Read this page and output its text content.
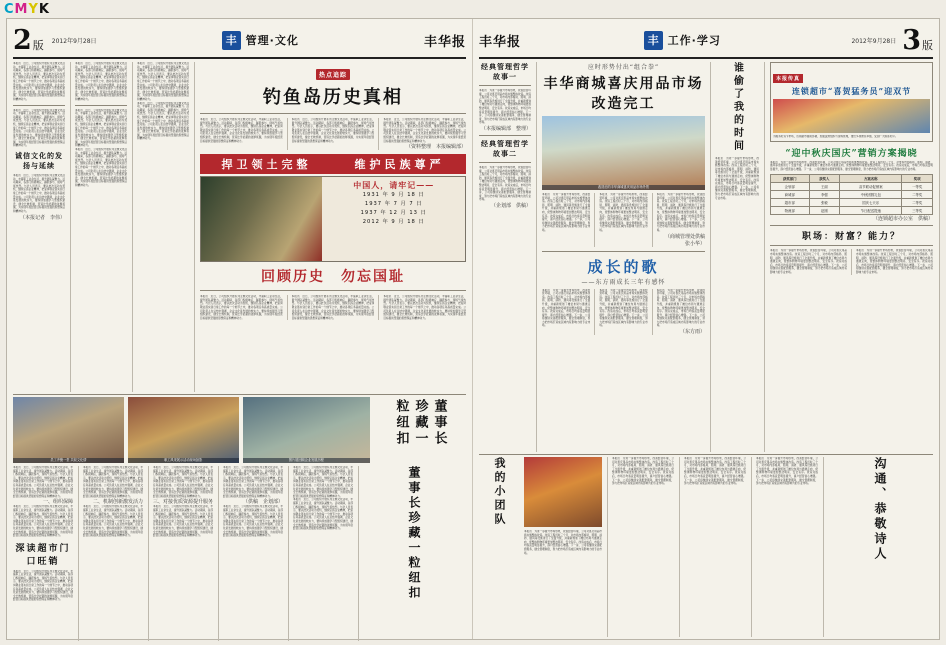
CMYK
2 版 2012年9月28日	丰 管理·文化	丰华报
本报讯　近日，公司组织开展系列主题文化活动，丰富职工业余生活，提升团队凝聚力。活动期间，各部门积极响应，踊跃参与，现场气氛热烈。与会人员表示，要以此次活动为契机，继续弘扬企业精神，把爱岗敬业落实到日常工作的每一个细节之中，推动各项任务高质量完成。公司负责人在总结中强调，企业文化是发展的软实力，要持续加强学习型组织建设，健全长效机制，营造比学赶超的浓厚氛围，为实现年度经营目标提供坚强的思想保证和精神动力。
本报讯　近日，公司组织开展系列主题文化活动，丰富职工业余生活，提升团队凝聚力。活动期间，各部门积极响应，踊跃参与，现场气氛热烈。与会人员表示，要以此次活动为契机，继续弘扬企业精神，把爱岗敬业落实到日常工作的每一个细节之中，推动各项任务高质量完成。公司负责人在总结中强调，企业文化是发展的软实力，要持续加强学习型组织建设，健全长效机制，营造比学赶超的浓厚氛围，为实现年度经营目标提供坚强的思想保证和精神动力。
诚信文化的发扬与延续
本报讯　近日，公司组织开展系列主题文化活动，丰富职工业余生活，提升团队凝聚力。活动期间，各部门积极响应，踊跃参与，现场气氛热烈。与会人员表示，要以此次活动为契机，继续弘扬企业精神，把爱岗敬业落实到日常工作的每一个细节之中，推动各项任务高质量完成。公司负责人在总结中强调，企业文化是发展的软实力，要持续加强学习型组织建设，健全长效机制，营造比学赶超的浓厚氛围，为实现年度经营目标提供坚强的思想保证和精神动力。
（本报记者　李伟）
本报讯　近日，公司组织开展系列主题文化活动，丰富职工业余生活，提升团队凝聚力。活动期间，各部门积极响应，踊跃参与，现场气氛热烈。与会人员表示，要以此次活动为契机，继续弘扬企业精神，把爱岗敬业落实到日常工作的每一个细节之中，推动各项任务高质量完成。公司负责人在总结中强调，企业文化是发展的软实力，要持续加强学习型组织建设，健全长效机制，营造比学赶超的浓厚氛围，为实现年度经营目标提供坚强的思想保证和精神动力。
本报讯　近日，公司组织开展系列主题文化活动，丰富职工业余生活，提升团队凝聚力。活动期间，各部门积极响应，踊跃参与，现场气氛热烈。与会人员表示，要以此次活动为契机，继续弘扬企业精神，把爱岗敬业落实到日常工作的每一个细节之中，推动各项任务高质量完成。公司负责人在总结中强调，企业文化是发展的软实力，要持续加强学习型组织建设，健全长效机制，营造比学赶超的浓厚氛围，为实现年度经营目标提供坚强的思想保证和精神动力。
本报讯　近日，公司组织开展系列主题文化活动，丰富职工业余生活，提升团队凝聚力。活动期间，各部门积极响应，踊跃参与，现场气氛热烈。与会人员表示，要以此次活动为契机，继续弘扬企业精神，把爱岗敬业落实到日常工作的每一个细节之中，推动各项任务高质量完成。公司负责人在总结中强调，企业文化是发展的软实力，要持续加强学习型组织建设，健全长效机制，营造比学赶超的浓厚氛围，为实现年度经营目标提供坚强的思想保证和精神动力。
本报讯　近日，公司组织开展系列主题文化活动，丰富职工业余生活，提升团队凝聚力。活动期间，各部门积极响应，踊跃参与，现场气氛热烈。与会人员表示，要以此次活动为契机，继续弘扬企业精神，把爱岗敬业落实到日常工作的每一个细节之中，推动各项任务高质量完成。公司负责人在总结中强调，企业文化是发展的软实力，要持续加强学习型组织建设，健全长效机制，营造比学赶超的浓厚氛围，为实现年度经营目标提供坚强的思想保证和精神动力。
本报讯　近日，公司组织开展系列主题文化活动，丰富职工业余生活，提升团队凝聚力。活动期间，各部门积极响应，踊跃参与，现场气氛热烈。与会人员表示，要以此次活动为契机，继续弘扬企业精神，把爱岗敬业落实到日常工作的每一个细节之中，推动各项任务高质量完成。公司负责人在总结中强调，企业文化是发展的软实力，要持续加强学习型组织建设，健全长效机制，营造比学赶超的浓厚氛围，为实现年度经营目标提供坚强的思想保证和精神动力。
热点追踪
钓鱼岛历史真相
本报讯　近日，公司组织开展系列主题文化活动，丰富职工业余生活，提升团队凝聚力。活动期间，各部门积极响应，踊跃参与，现场气氛热烈。与会人员表示，要以此次活动为契机，继续弘扬企业精神，把爱岗敬业落实到日常工作的每一个细节之中，推动各项任务高质量完成。公司负责人在总结中强调，企业文化是发展的软实力，要持续加强学习型组织建设，健全长效机制，营造比学赶超的浓厚氛围，为实现年度经营目标提供坚强的思想保证和精神动力。
本报讯　近日，公司组织开展系列主题文化活动，丰富职工业余生活，提升团队凝聚力。活动期间，各部门积极响应，踊跃参与，现场气氛热烈。与会人员表示，要以此次活动为契机，继续弘扬企业精神，把爱岗敬业落实到日常工作的每一个细节之中，推动各项任务高质量完成。公司负责人在总结中强调，企业文化是发展的软实力，要持续加强学习型组织建设，健全长效机制，营造比学赶超的浓厚氛围，为实现年度经营目标提供坚强的思想保证和精神动力。
本报讯　近日，公司组织开展系列主题文化活动，丰富职工业余生活，提升团队凝聚力。活动期间，各部门积极响应，踊跃参与，现场气氛热烈。与会人员表示，要以此次活动为契机，继续弘扬企业精神，把爱岗敬业落实到日常工作的每一个细节之中，推动各项任务高质量完成。公司负责人在总结中强调，企业文化是发展的软实力，要持续加强学习型组织建设，健全长效机制，营造比学赶超的浓厚氛围，为实现年度经营目标提供坚强的思想保证和精神动力。
（资料整理　本报编辑部）
捍卫领土完整	维护民族尊严
中国人，请牢记——
1931 年 9 月 18 日
1937 年 7 月 7 日
1937 年 12 月 13 日
2012 年 9 月 18 日
回顾历史　勿忘国耻
本报讯　近日，公司组织开展系列主题文化活动，丰富职工业余生活，提升团队凝聚力。活动期间，各部门积极响应，踊跃参与，现场气氛热烈。与会人员表示，要以此次活动为契机，继续弘扬企业精神，把爱岗敬业落实到日常工作的每一个细节之中，推动各项任务高质量完成。公司负责人在总结中强调，企业文化是发展的软实力，要持续加强学习型组织建设，健全长效机制，营造比学赶超的浓厚氛围，为实现年度经营目标提供坚强的思想保证和精神动力。
本报讯　近日，公司组织开展系列主题文化活动，丰富职工业余生活，提升团队凝聚力。活动期间，各部门积极响应，踊跃参与，现场气氛热烈。与会人员表示，要以此次活动为契机，继续弘扬企业精神，把爱岗敬业落实到日常工作的每一个细节之中，推动各项任务高质量完成。公司负责人在总结中强调，企业文化是发展的软实力，要持续加强学习型组织建设，健全长效机制，营造比学赶超的浓厚氛围，为实现年度经营目标提供坚强的思想保证和精神动力。
本报讯　近日，公司组织开展系列主题文化活动，丰富职工业余生活，提升团队凝聚力。活动期间，各部门积极响应，踊跃参与，现场气氛热烈。与会人员表示，要以此次活动为契机，继续弘扬企业精神，把爱岗敬业落实到日常工作的每一个细节之中，推动各项任务高质量完成。公司负责人在总结中强调，企业文化是发展的软实力，要持续加强学习型组织建设，健全长效机制，营造比学赶超的浓厚氛围，为实现年度经营目标提供坚强的思想保证和精神动力。
员工齐聚一堂 共叙文化情	职工风采展示活动现场掠影	图片展回顾企业发展历程
董事长珍藏一粒纽扣
本报讯　近日，公司组织开展系列主题文化活动，丰富职工业余生活，提升团队凝聚力。活动期间，各部门积极响应，踊跃参与，现场气氛热烈。与会人员表示，要以此次活动为契机，继续弘扬企业精神，把爱岗敬业落实到日常工作的每一个细节之中，推动各项任务高质量完成。公司负责人在总结中强调，企业文化是发展的软实力，要持续加强学习型组织建设，健全长效机制，营造比学赶超的浓厚氛围，为实现年度经营目标提供坚强的思想保证和精神动力。
一、组织保障
本报讯　近日，公司组织开展系列主题文化活动，丰富职工业余生活，提升团队凝聚力。活动期间，各部门积极响应，踊跃参与，现场气氛热烈。与会人员表示，要以此次活动为契机，继续弘扬企业精神，把爱岗敬业落实到日常工作的每一个细节之中，推动各项任务高质量完成。公司负责人在总结中强调，企业文化是发展的软实力，要持续加强学习型组织建设，健全长效机制，营造比学赶超的浓厚氛围，为实现年度经营目标提供坚强的思想保证和精神动力。
深读超市门口旺销
本报讯　近日，公司组织开展系列主题文化活动，丰富职工业余生活，提升团队凝聚力。活动期间，各部门积极响应，踊跃参与，现场气氛热烈。与会人员表示，要以此次活动为契机，继续弘扬企业精神，把爱岗敬业落实到日常工作的每一个细节之中，推动各项任务高质量完成。公司负责人在总结中强调，企业文化是发展的软实力，要持续加强学习型组织建设，健全长效机制，营造比学赶超的浓厚氛围，为实现年度经营目标提供坚强的思想保证和精神动力。
本报讯　近日，公司组织开展系列主题文化活动，丰富职工业余生活，提升团队凝聚力。活动期间，各部门积极响应，踊跃参与，现场气氛热烈。与会人员表示，要以此次活动为契机，继续弘扬企业精神，把爱岗敬业落实到日常工作的每一个细节之中，推动各项任务高质量完成。公司负责人在总结中强调，企业文化是发展的软实力，要持续加强学习型组织建设，健全长效机制，营造比学赶超的浓厚氛围，为实现年度经营目标提供坚强的思想保证和精神动力。
二、机制创新激发活力
本报讯　近日，公司组织开展系列主题文化活动，丰富职工业余生活，提升团队凝聚力。活动期间，各部门积极响应，踊跃参与，现场气氛热烈。与会人员表示，要以此次活动为契机，继续弘扬企业精神，把爱岗敬业落实到日常工作的每一个细节之中，推动各项任务高质量完成。公司负责人在总结中强调，企业文化是发展的软实力，要持续加强学习型组织建设，健全长效机制，营造比学赶超的浓厚氛围，为实现年度经营目标提供坚强的思想保证和精神动力。
本报讯　近日，公司组织开展系列主题文化活动，丰富职工业余生活，提升团队凝聚力。活动期间，各部门积极响应，踊跃参与，现场气氛热烈。与会人员表示，要以此次活动为契机，继续弘扬企业精神，把爱岗敬业落实到日常工作的每一个细节之中，推动各项任务高质量完成。公司负责人在总结中强调，企业文化是发展的软实力，要持续加强学习型组织建设，健全长效机制，营造比学赶超的浓厚氛围，为实现年度经营目标提供坚强的思想保证和精神动力。
三、对接优质资源提升服务
本报讯　近日，公司组织开展系列主题文化活动，丰富职工业余生活，提升团队凝聚力。活动期间，各部门积极响应，踊跃参与，现场气氛热烈。与会人员表示，要以此次活动为契机，继续弘扬企业精神，把爱岗敬业落实到日常工作的每一个细节之中，推动各项任务高质量完成。公司负责人在总结中强调，企业文化是发展的软实力，要持续加强学习型组织建设，健全长效机制，营造比学赶超的浓厚氛围，为实现年度经营目标提供坚强的思想保证和精神动力。
本报讯　近日，公司组织开展系列主题文化活动，丰富职工业余生活，提升团队凝聚力。活动期间，各部门积极响应，踊跃参与，现场气氛热烈。与会人员表示，要以此次活动为契机，继续弘扬企业精神，把爱岗敬业落实到日常工作的每一个细节之中，推动各项任务高质量完成。公司负责人在总结中强调，企业文化是发展的软实力，要持续加强学习型组织建设，健全长效机制，营造比学赶超的浓厚氛围，为实现年度经营目标提供坚强的思想保证和精神动力。
（供稿　企划部）
本报讯　近日，公司组织开展系列主题文化活动，丰富职工业余生活，提升团队凝聚力。活动期间，各部门积极响应，踊跃参与，现场气氛热烈。与会人员表示，要以此次活动为契机，继续弘扬企业精神，把爱岗敬业落实到日常工作的每一个细节之中，推动各项任务高质量完成。公司负责人在总结中强调，企业文化是发展的软实力，要持续加强学习型组织建设，健全长效机制，营造比学赶超的浓厚氛围，为实现年度经营目标提供坚强的思想保证和精神动力。
本报讯　近日，公司组织开展系列主题文化活动，丰富职工业余生活，提升团队凝聚力。活动期间，各部门积极响应，踊跃参与，现场气氛热烈。与会人员表示，要以此次活动为契机，继续弘扬企业精神，把爱岗敬业落实到日常工作的每一个细节之中，推动各项任务高质量完成。公司负责人在总结中强调，企业文化是发展的软实力，要持续加强学习型组织建设，健全长效机制，营造比学赶超的浓厚氛围，为实现年度经营目标提供坚强的思想保证和精神动力。
本报讯　近日，公司组织开展系列主题文化活动，丰富职工业余生活，提升团队凝聚力。活动期间，各部门积极响应，踊跃参与，现场气氛热烈。与会人员表示，要以此次活动为契机，继续弘扬企业精神，把爱岗敬业落实到日常工作的每一个细节之中，推动各项任务高质量完成。公司负责人在总结中强调，企业文化是发展的软实力，要持续加强学习型组织建设，健全长效机制，营造比学赶超的浓厚氛围，为实现年度经营目标提供坚强的思想保证和精神动力。	董事长珍藏一粒纽扣
丰华报	丰 工作·学习	2012年9月28日 3 版
经典管理哲学故事一
本报讯　为进一步提升市场形象，改善经营环境，公司对喜庆用品市场实施整体改造。改造工程历时三个月，对市场内部格局、照明、消防、通风等设施进行了全面升级，并重新规划了摊位布局与通道走向，使整体购物环境更加整洁明亮、安全有序。改造完成后，市场日均客流量明显提升，商户经营信心增强。下一步，公司将继续完善配套服务，健全管理制度，努力把市场打造成区域内有影响力的专业市场。
（本报编辑部　整理）
经典管理哲学故事二
本报讯　为进一步提升市场形象，改善经营环境，公司对喜庆用品市场实施整体改造。改造工程历时三个月，对市场内部格局、照明、消防、通风等设施进行了全面升级，并重新规划了摊位布局与通道走向，使整体购物环境更加整洁明亮、安全有序。改造完成后，市场日均客流量明显提升，商户经营信心增强。下一步，公司将继续完善配套服务，健全管理制度，努力把市场打造成区域内有影响力的专业市场。
（企划部　供稿）
应时形势付出“组合拳”
丰华商城喜庆用品市场改造完工
改造后的丰华商城喜庆用品市场外景
本报讯　为进一步提升市场形象，改善经营环境，公司对喜庆用品市场实施整体改造。改造工程历时三个月，对市场内部格局、照明、消防、通风等设施进行了全面升级，并重新规划了摊位布局与通道走向，使整体购物环境更加整洁明亮、安全有序。改造完成后，市场日均客流量明显提升，商户经营信心增强。下一步，公司将继续完善配套服务，健全管理制度，努力把市场打造成区域内有影响力的专业市场。
本报讯　为进一步提升市场形象，改善经营环境，公司对喜庆用品市场实施整体改造。改造工程历时三个月，对市场内部格局、照明、消防、通风等设施进行了全面升级，并重新规划了摊位布局与通道走向，使整体购物环境更加整洁明亮、安全有序。改造完成后，市场日均客流量明显提升，商户经营信心增强。下一步，公司将继续完善配套服务，健全管理制度，努力把市场打造成区域内有影响力的专业市场。
本报讯　为进一步提升市场形象，改善经营环境，公司对喜庆用品市场实施整体改造。改造工程历时三个月，对市场内部格局、照明、消防、通风等设施进行了全面升级，并重新规划了摊位布局与通道走向，使整体购物环境更加整洁明亮、安全有序。改造完成后，市场日均客流量明显提升，商户经营信心增强。下一步，公司将继续完善配套服务，健全管理制度，努力把市场打造成区域内有影响力的专业市场。
（商城管理处供稿　张小华）
成长的歌
——东方雨成长三年有感怀
本报讯　为进一步提升市场形象，改善经营环境，公司对喜庆用品市场实施整体改造。改造工程历时三个月，对市场内部格局、照明、消防、通风等设施进行了全面升级，并重新规划了摊位布局与通道走向，使整体购物环境更加整洁明亮、安全有序。改造完成后，市场日均客流量明显提升，商户经营信心增强。下一步，公司将继续完善配套服务，健全管理制度，努力把市场打造成区域内有影响力的专业市场。
本报讯　为进一步提升市场形象，改善经营环境，公司对喜庆用品市场实施整体改造。改造工程历时三个月，对市场内部格局、照明、消防、通风等设施进行了全面升级，并重新规划了摊位布局与通道走向，使整体购物环境更加整洁明亮、安全有序。改造完成后，市场日均客流量明显提升，商户经营信心增强。下一步，公司将继续完善配套服务，健全管理制度，努力把市场打造成区域内有影响力的专业市场。
本报讯　为进一步提升市场形象，改善经营环境，公司对喜庆用品市场实施整体改造。改造工程历时三个月，对市场内部格局、照明、消防、通风等设施进行了全面升级，并重新规划了摊位布局与通道走向，使整体购物环境更加整洁明亮、安全有序。改造完成后，市场日均客流量明显提升，商户经营信心增强。下一步，公司将继续完善配套服务，健全管理制度，努力把市场打造成区域内有影响力的专业市场。
（东方雨）
谁偷了我的时间
本报讯　为进一步提升市场形象，改善经营环境，公司对喜庆用品市场实施整体改造。改造工程历时三个月，对市场内部格局、照明、消防、通风等设施进行了全面升级，并重新规划了摊位布局与通道走向，使整体购物环境更加整洁明亮、安全有序。改造完成后，市场日均客流量明显提升，商户经营信心增强。下一步，公司将继续完善配套服务，健全管理制度，努力把市场打造成区域内有影响力的专业市场。
本报传真
连锁超市“喜贺猛务员”迎双节
为服务好双节市场，连锁超市提前部署，加强货源组织与现场管理，推出多项便民举措，受到广大顾客好评。
“迎中秋庆国庆”营销方案揭晓
本报讯　为进一步提升市场形象，改善经营环境，公司对喜庆用品市场实施整体改造。改造工程历时三个月，对市场内部格局、照明、消防、通风等设施进行了全面升级，并重新规划了摊位布局与通道走向，使整体购物环境更加整洁明亮、安全有序。改造完成后，市场日均客流量明显提升，商户经营信心增强。下一步，公司将继续完善配套服务，健全管理制度，努力把市场打造成区域内有影响力的专业市场。
获奖部门	获奖人	方案名称	奖项
企划部	王丽	双节联动促销案	一等奖
商城部	李强	中秋团圆礼包	二等奖
超市部	张敏	国庆七天乐	二等奖
物流部	赵刚	节日配送提速	三等奖
（连锁超市办公室　供稿）
职场：财富？能力？
本报讯　为进一步提升市场形象，改善经营环境，公司对喜庆用品市场实施整体改造。改造工程历时三个月，对市场内部格局、照明、消防、通风等设施进行了全面升级，并重新规划了摊位布局与通道走向，使整体购物环境更加整洁明亮、安全有序。改造完成后，市场日均客流量明显提升，商户经营信心增强。下一步，公司将继续完善配套服务，健全管理制度，努力把市场打造成区域内有影响力的专业市场。
本报讯　为进一步提升市场形象，改善经营环境，公司对喜庆用品市场实施整体改造。改造工程历时三个月，对市场内部格局、照明、消防、通风等设施进行了全面升级，并重新规划了摊位布局与通道走向，使整体购物环境更加整洁明亮、安全有序。改造完成后，市场日均客流量明显提升，商户经营信心增强。下一步，公司将继续完善配套服务，健全管理制度，努力把市场打造成区域内有影响力的专业市场。
我的小团队
本报讯　为进一步提升市场形象，改善经营环境，公司对喜庆用品市场实施整体改造。改造工程历时三个月，对市场内部格局、照明、消防、通风等设施进行了全面升级，并重新规划了摊位布局与通道走向，使整体购物环境更加整洁明亮、安全有序。改造完成后，市场日均客流量明显提升，商户经营信心增强。下一步，公司将继续完善配套服务，健全管理制度，努力把市场打造成区域内有影响力的专业市场。
本报讯　为进一步提升市场形象，改善经营环境，公司对喜庆用品市场实施整体改造。改造工程历时三个月，对市场内部格局、照明、消防、通风等设施进行了全面升级，并重新规划了摊位布局与通道走向，使整体购物环境更加整洁明亮、安全有序。改造完成后，市场日均客流量明显提升，商户经营信心增强。下一步，公司将继续完善配套服务，健全管理制度，努力把市场打造成区域内有影响力的专业市场。
本报讯　为进一步提升市场形象，改善经营环境，公司对喜庆用品市场实施整体改造。改造工程历时三个月，对市场内部格局、照明、消防、通风等设施进行了全面升级，并重新规划了摊位布局与通道走向，使整体购物环境更加整洁明亮、安全有序。改造完成后，市场日均客流量明显提升，商户经营信心增强。下一步，公司将继续完善配套服务，健全管理制度，努力把市场打造成区域内有影响力的专业市场。
本报讯　为进一步提升市场形象，改善经营环境，公司对喜庆用品市场实施整体改造。改造工程历时三个月，对市场内部格局、照明、消防、通风等设施进行了全面升级，并重新规划了摊位布局与通道走向，使整体购物环境更加整洁明亮、安全有序。改造完成后，市场日均客流量明显提升，商户经营信心增强。下一步，公司将继续完善配套服务，健全管理制度，努力把市场打造成区域内有影响力的专业市场。	沟通、恭敬诗人
